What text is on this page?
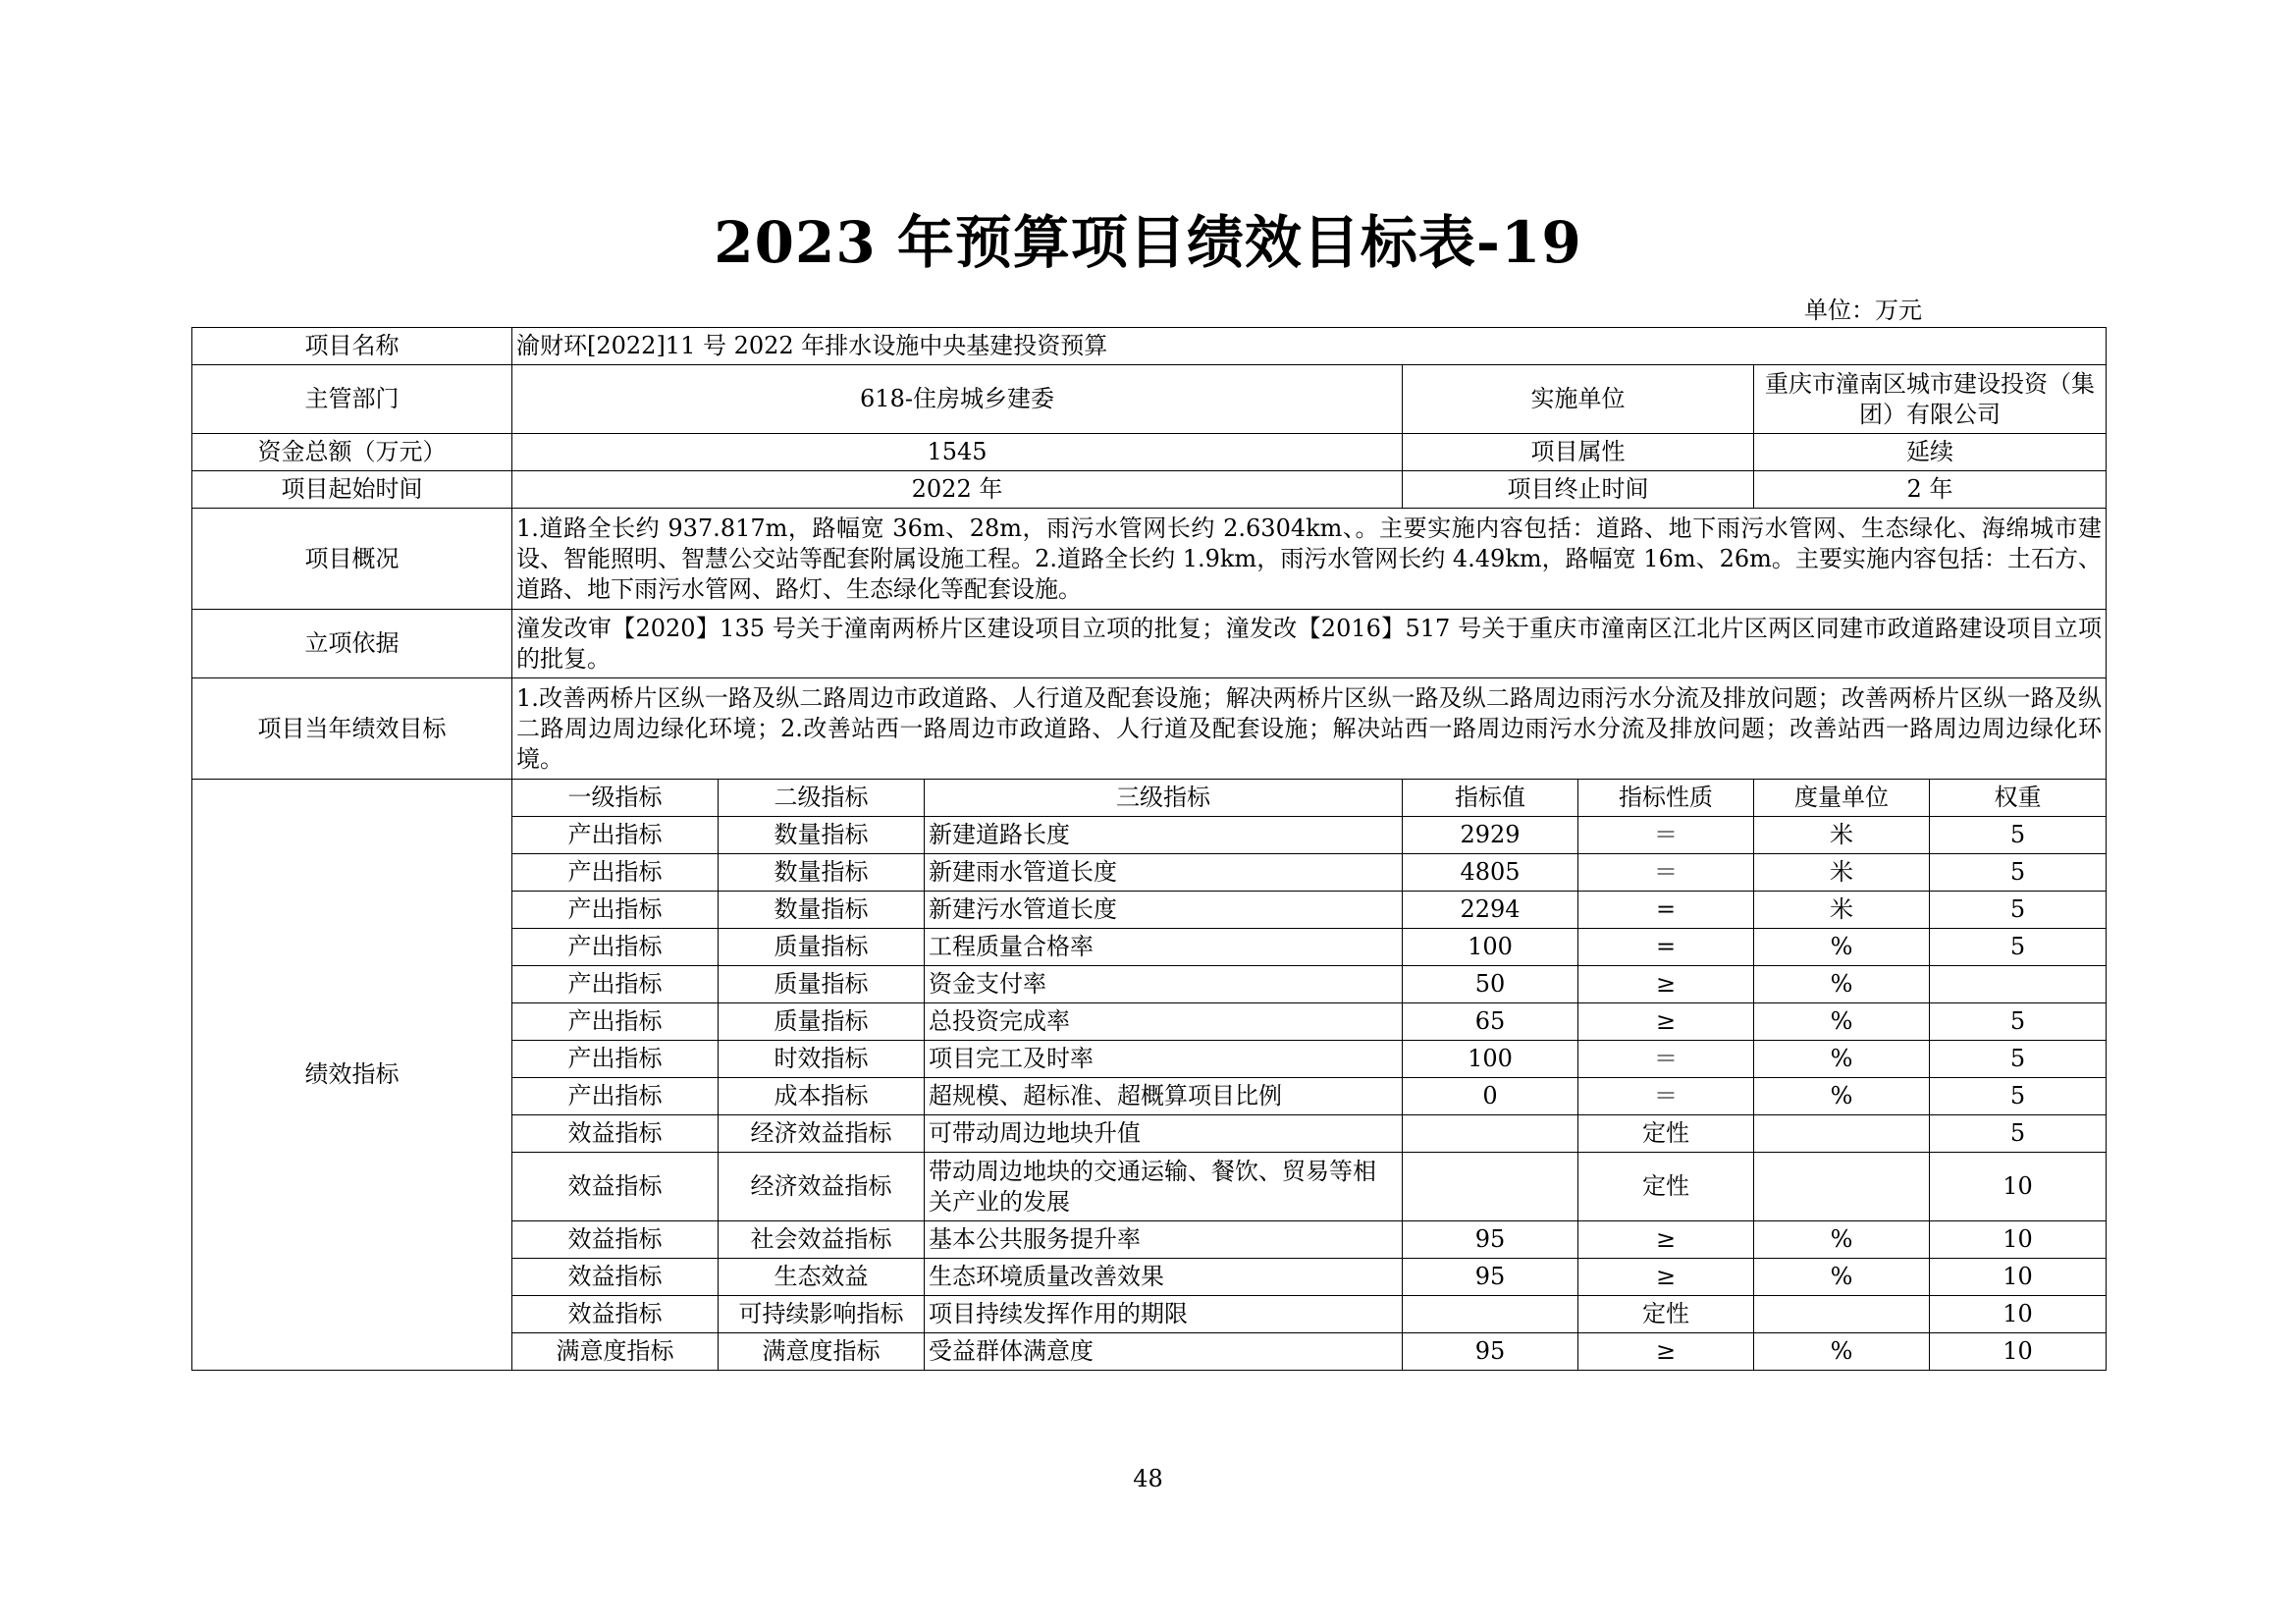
2023 年预算项目绩效目标表-19
单位：万元
项目名称	渝财环[2022]11 号 2022 年排水设施中央基建投资预算						
主管部门	618-住房城乡建委			实施单位		重庆市潼南区城市建设投资（集团）有限公司	
资金总额（万元）	1545			项目属性		延续	
项目起始时间	2022 年			项目终止时间		2 年	
项目概况	1.道路全长约 937.817m，路幅宽 36m、28m，雨污水管网长约 2.6304km、。主要实施内容包括：道路、地下雨污水管网、生态绿化、海绵城市建设、智能照明、智慧公交站等配套附属设施工程。2.道路全长约 1.9km，雨污水管网长约 4.49km，路幅宽 16m、26m。主要实施内容包括：土石方、道路、地下雨污水管网、路灯、生态绿化等配套设施。						
立项依据	潼发改审【2020】135 号关于潼南两桥片区建设项目立项的批复；潼发改【2016】517 号关于重庆市潼南区江北片区两区同建市政道路建设项目立项的批复。						
项目当年绩效目标	1.改善两桥片区纵一路及纵二路周边市政道路、人行道及配套设施；解决两桥片区纵一路及纵二路周边雨污水分流及排放问题；改善两桥片区纵一路及纵二路周边周边绿化环境；2.改善站西一路周边市政道路、人行道及配套设施；解决站西一路周边雨污水分流及排放问题；改善站西一路周边周边绿化环境。						
绩效指标	一级指标	二级指标	三级指标	指标值	指标性质	度量单位	权重
	产出指标	数量指标	新建道路长度	2929	＝	米	5
	产出指标	数量指标	新建雨水管道长度	4805	＝	米	5
	产出指标	数量指标	新建污水管道长度	2294	=	米	5
	产出指标	质量指标	工程质量合格率	100	=	%	5
	产出指标	质量指标	资金支付率	50	≥	%	
	产出指标	质量指标	总投资完成率	65	≥	%	5
	产出指标	时效指标	项目完工及时率	100	＝	%	5
	产出指标	成本指标	超规模、超标准、超概算项目比例	0	＝	%	5
	效益指标	经济效益指标	可带动周边地块升值		定性		5
	效益指标	经济效益指标	带动周边地块的交通运输、餐饮、贸易等相关产业的发展		定性		10
	效益指标	社会效益指标	基本公共服务提升率	95	≥	%	10
	效益指标	生态效益	生态环境质量改善效果	95	≥	%	10
	效益指标	可持续影响指标	项目持续发挥作用的期限		定性		10
	满意度指标	满意度指标	受益群体满意度	95	≥	%	10
48
